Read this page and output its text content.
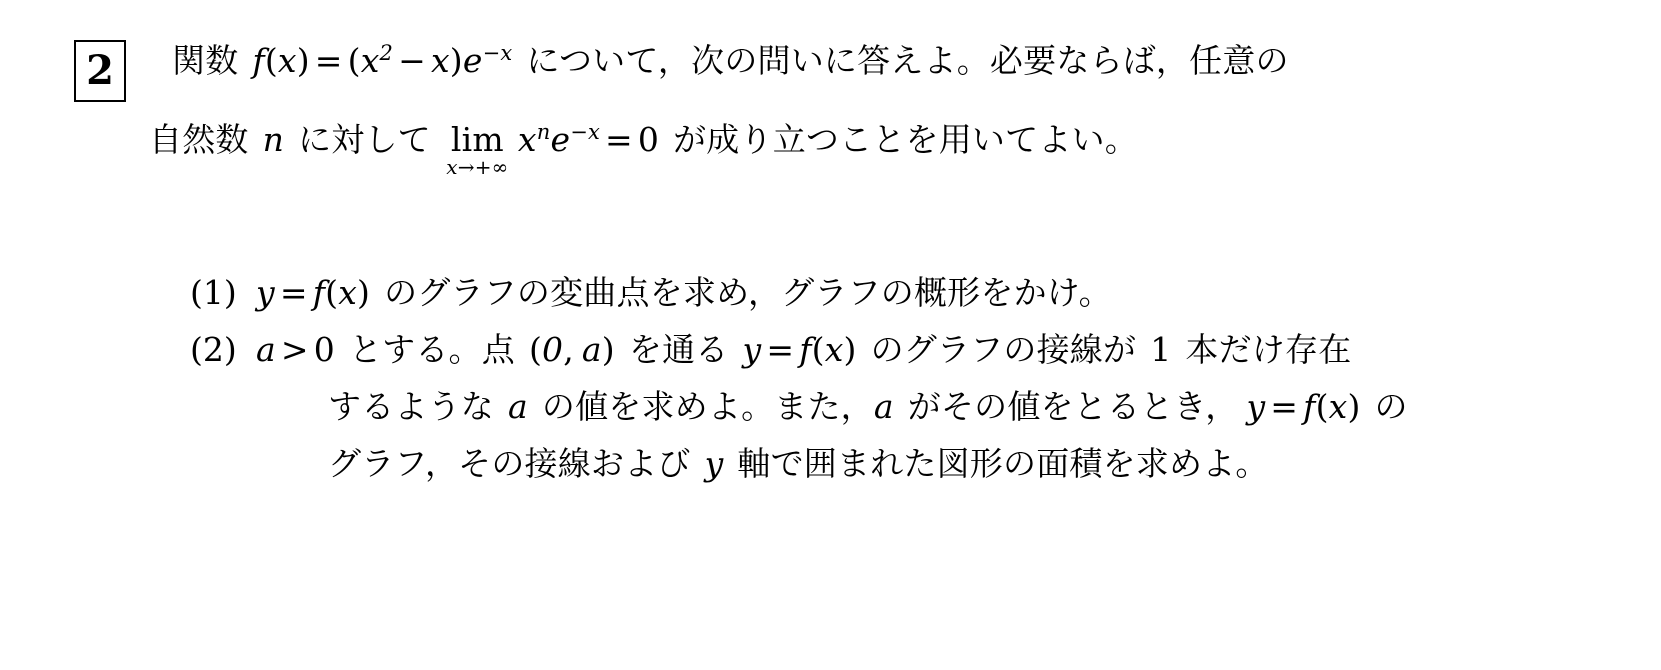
2 関数 $f(x) = (x^2 - x)e^{-x}$ について，次の問いに答えよ。必要ならば，任意の
自然数 n に対して lim
x→+∞
$x^ne^{-x} = 0$ が成り立つことを用いてよい。
(1) y = f(x) のグラフの変曲点を求め，グラフの概形をかけ。
(2) a > 0 とする。点 (0, a) を通る y = f(x) のグラフの接線が 1 本だけ存在
するような a の値を求めよ。また，a がその値をとるとき， y = f(x) の
グラフ，その接線および y 軸で囲まれた図形の面積を求めよ。
